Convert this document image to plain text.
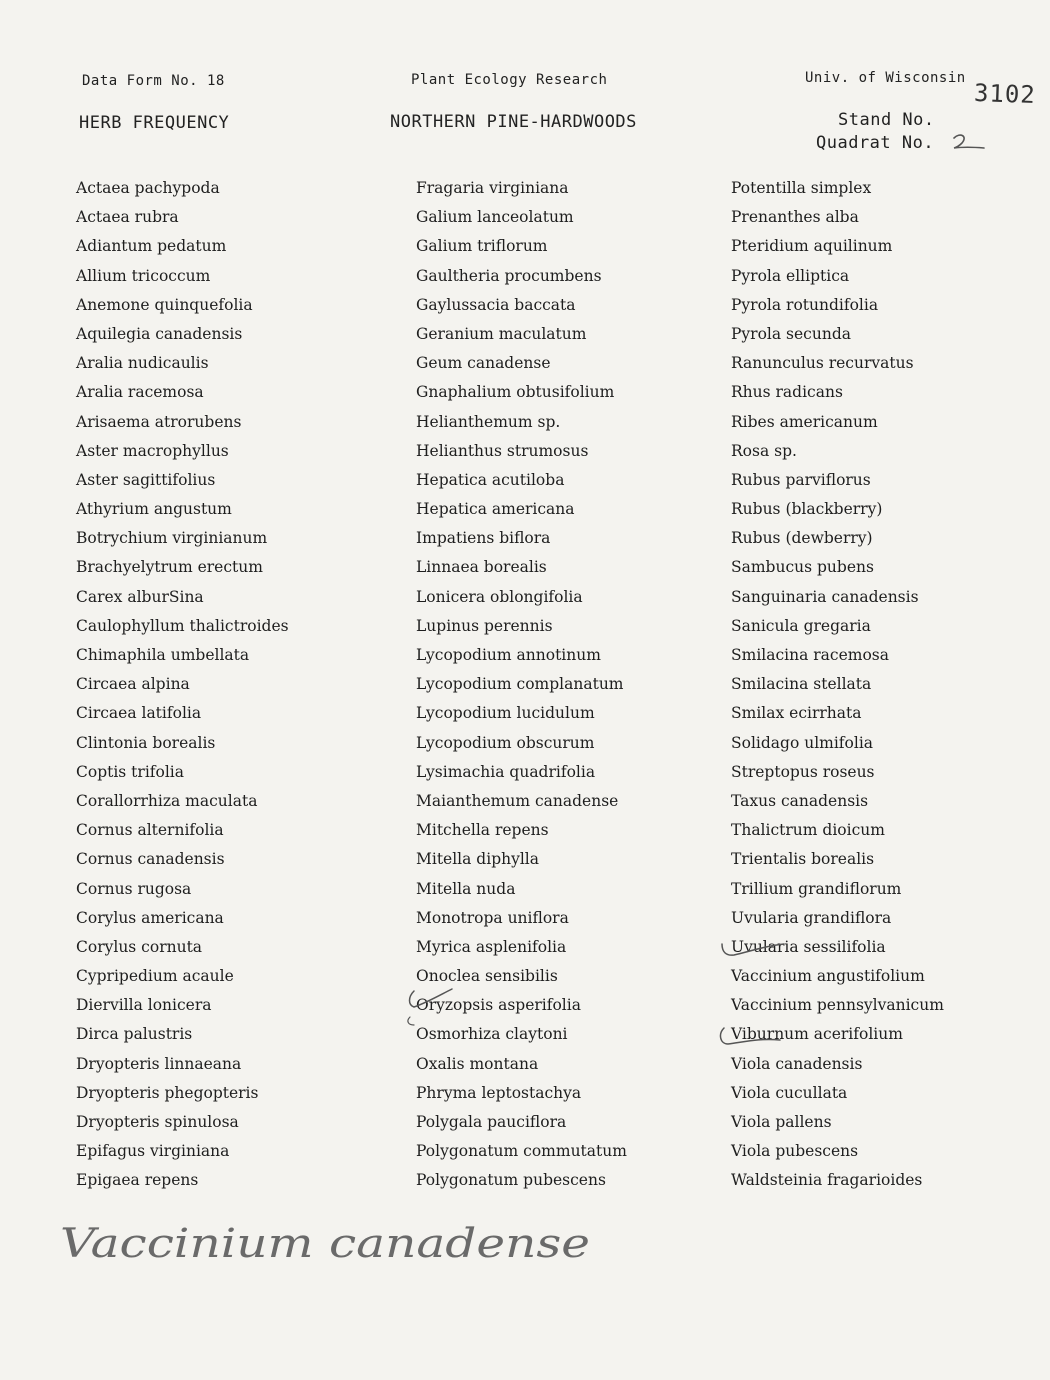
Data Form No. 18	Plant Ecology Research	Univ. of Wisconsin
3102
HERB FREQUENCY	NORTHERN PINE-HARDWOODS	Stand No.
Quadrat No.
Actaea pachypoda
Actaea rubra
Adiantum pedatum
Allium tricoccum
Anemone quinquefolia
Aquilegia canadensis
Aralia nudicaulis
Aralia racemosa
Arisaema atrorubens
Aster macrophyllus
Aster sagittifolius
Athyrium angustum
Botrychium virginianum
Brachyelytrum erectum
Carex alburSina
Caulophyllum thalictroides
Chimaphila umbellata
Circaea alpina
Circaea latifolia
Clintonia borealis
Coptis trifolia
Corallorrhiza maculata
Cornus alternifolia
Cornus canadensis
Cornus rugosa
Corylus americana
Corylus cornuta
Cypripedium acaule
Diervilla lonicera
Dirca palustris
Dryopteris linnaeana
Dryopteris phegopteris
Dryopteris spinulosa
Epifagus virginiana
Epigaea repens
Fragaria virginiana
Galium lanceolatum
Galium triflorum
Gaultheria procumbens
Gaylussacia baccata
Geranium maculatum
Geum canadense
Gnaphalium obtusifolium
Helianthemum sp.
Helianthus strumosus
Hepatica acutiloba
Hepatica americana
Impatiens biflora
Linnaea borealis
Lonicera oblongifolia
Lupinus perennis
Lycopodium annotinum
Lycopodium complanatum
Lycopodium lucidulum
Lycopodium obscurum
Lysimachia quadrifolia
Maianthemum canadense
Mitchella repens
Mitella diphylla
Mitella nuda
Monotropa uniflora
Myrica asplenifolia
Onoclea sensibilis
Oryzopsis asperifolia
Osmorhiza claytoni
Oxalis montana
Phryma leptostachya
Polygala pauciflora
Polygonatum commutatum
Polygonatum pubescens
Potentilla simplex
Prenanthes alba
Pteridium aquilinum
Pyrola elliptica
Pyrola rotundifolia
Pyrola secunda
Ranunculus recurvatus
Rhus radicans
Ribes americanum
Rosa sp.
Rubus parviflorus
Rubus (blackberry)
Rubus (dewberry)
Sambucus pubens
Sanguinaria canadensis
Sanicula gregaria
Smilacina racemosa
Smilacina stellata
Smilax ecirrhata
Solidago ulmifolia
Streptopus roseus
Taxus canadensis
Thalictrum dioicum
Trientalis borealis
Trillium grandiflorum
Uvularia grandiflora
Uvularia sessilifolia
Vaccinium angustifolium
Vaccinium pennsylvanicum
Viburnum acerifolium
Viola canadensis
Viola cucullata
Viola pallens
Viola pubescens
Waldsteinia fragarioides
Vaccinium canadense
